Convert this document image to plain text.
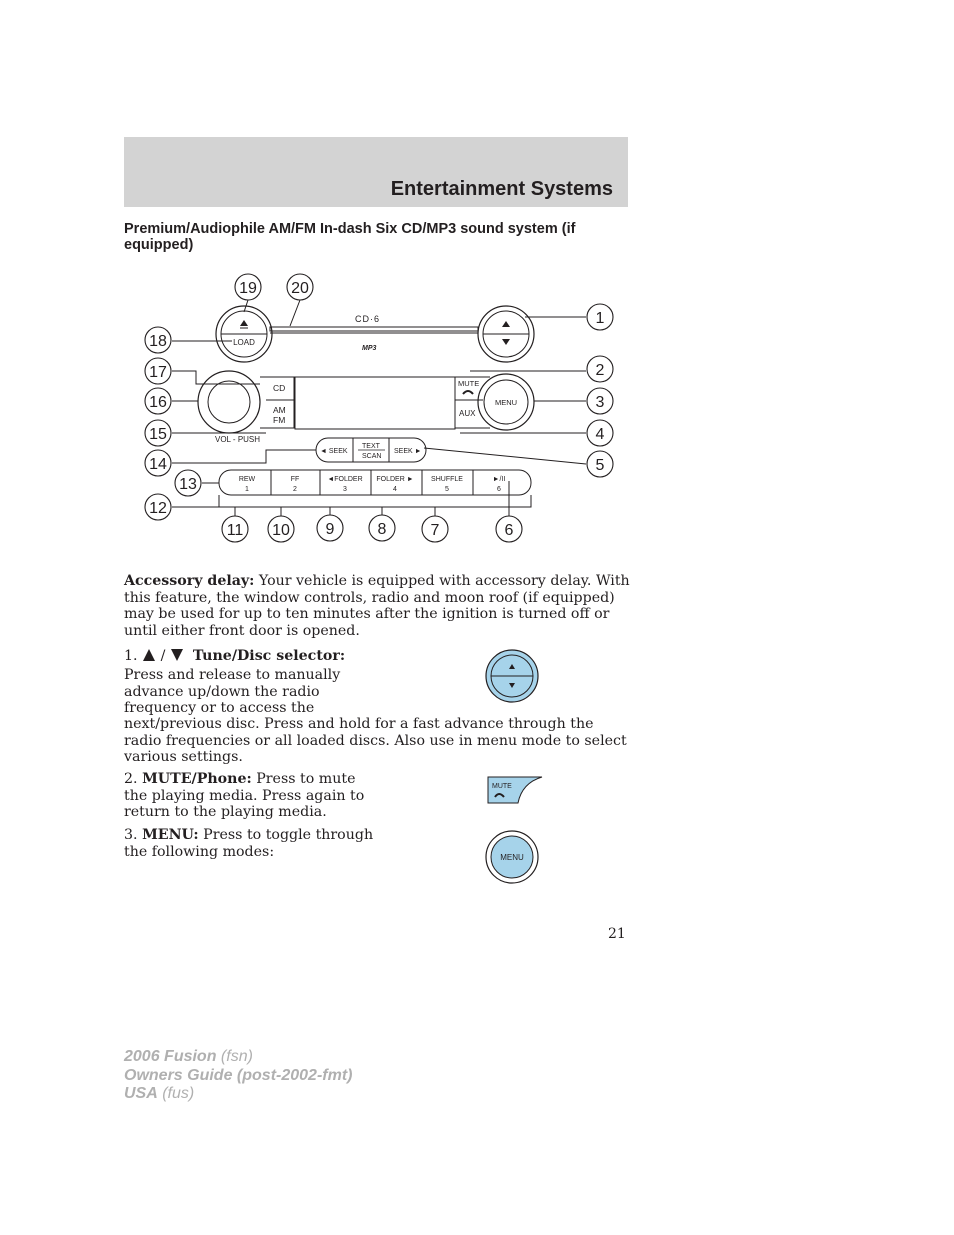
Entertainment Systems
Premium/Audiophile AM/FM In-dash Six CD/MP3 sound system (if equipped)
CD·6
MP3
LOAD
VOL - PUSH
CD
AM
FM
MUTE
AUX
MENU
◄ SEEK
TEXT
SCAN
SEEK ►
REW
1
FF
2
◄FOLDER
3
FOLDER ►
4
SHUFFLE
5
►/II
6
1
2
3
4
5
6
7
8
9
10
11
12
13
14
15
16
17
18
19 20
Accessory delay: Your vehicle is equipped with accessory delay. With this feature, the window controls, radio and moon roof (if equipped) may be used for up to ten minutes after the ignition is turned off or until either front door is opened.
1. / Tune/Disc selector:
Press and release to manually advance up/down the radio frequency or to access the
next/previous disc. Press and hold for a fast advance through the radio frequencies or all loaded discs. Also use in menu mode to select various settings.
2. MUTE/Phone: Press to mute the playing media. Press again to return to the playing media.
MUTE
3. MENU: Press to toggle through the following modes:	MENU
21
2006 Fusion (fsn)
Owners Guide (post-2002-fmt)
USA (fus)
